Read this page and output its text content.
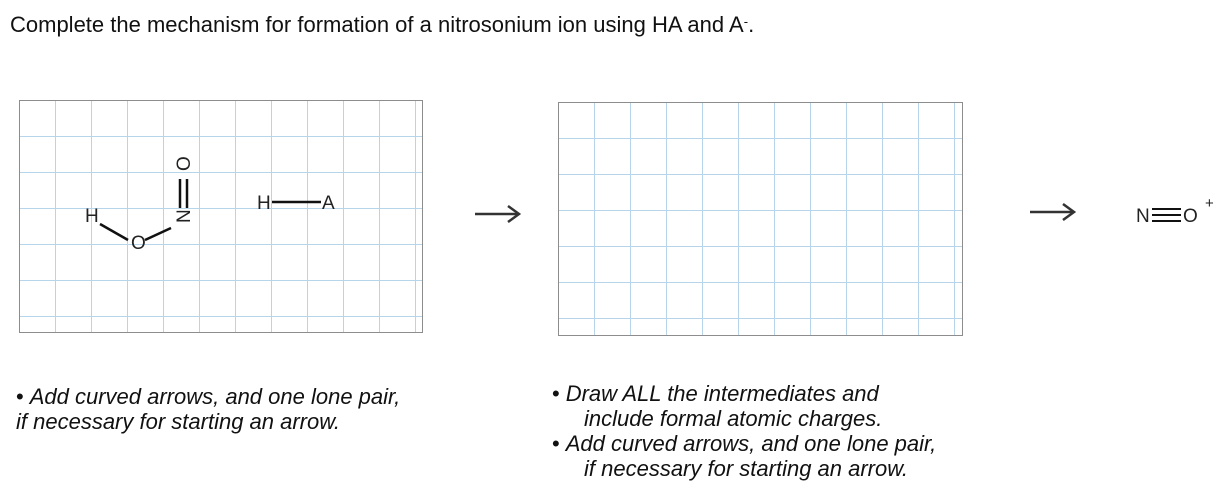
Complete the mechanism for formation of a nitrosonium ion using HA and A-.
H
O
N
O
H	A
N O
+
• Add curved arrows, and one lone pair,
if necessary for starting an arrow.
• Draw ALL the intermediates and
include formal atomic charges.
• Add curved arrows, and one lone pair,
if necessary for starting an arrow.
